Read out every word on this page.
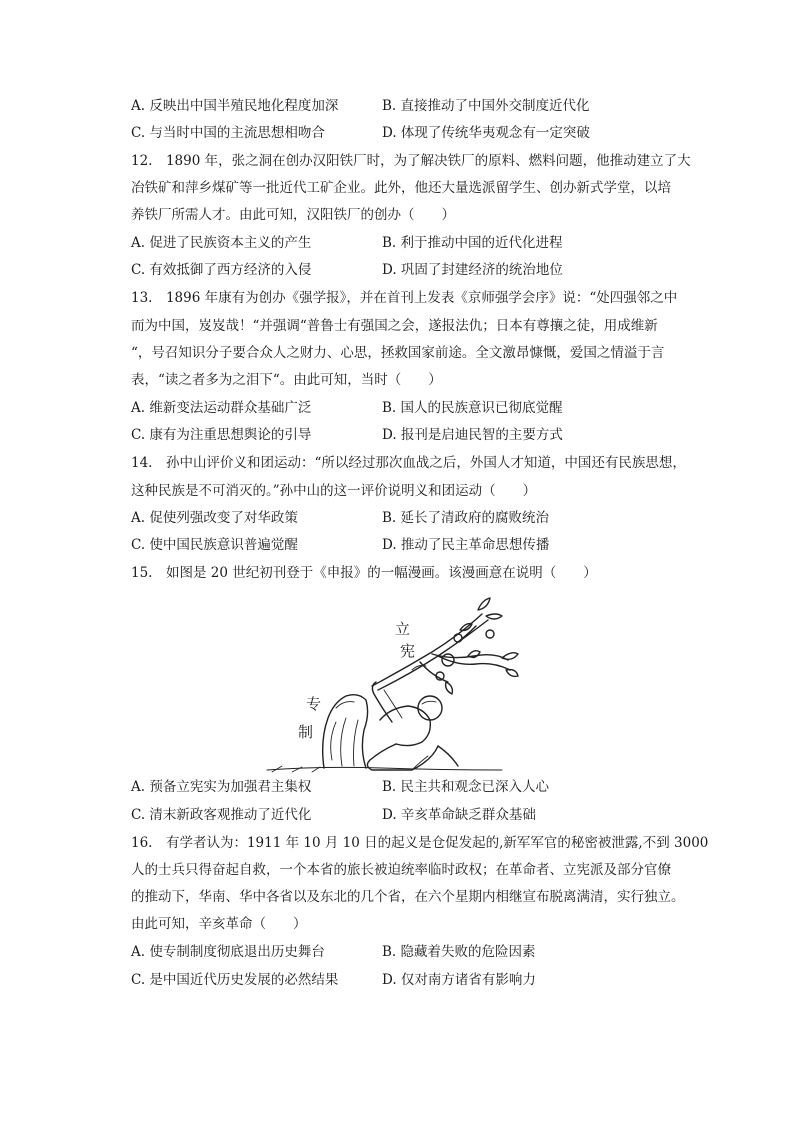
A. 反映出中国半殖民地化程度加深	B. 直接推动了中国外交制度近代化
C. 与当时中国的主流思想相吻合	D. 体现了传统华夷观念有一定突破
12.　1890 年，张之洞在创办汉阳铁厂时，为了解决铁厂的原料、燃料问题，他推动建立了大
冶铁矿和萍乡煤矿等一批近代工矿企业。此外，他还大量选派留学生、创办新式学堂，以培
养铁厂所需人才。由此可知，汉阳铁厂的创办（　　）
A. 促进了民族资本主义的产生	B. 利于推动中国的近代化进程
C. 有效抵御了西方经济的入侵	D. 巩固了封建经济的统治地位
13.　1896 年康有为创办《强学报》，并在首刊上发表《京师强学会序》说：“处四强邻之中
而为中国，岌岌哉！“并强调“普鲁士有强国之会，遂报法仇；日本有尊攘之徒，用成维新
“，号召知识分子要合众人之财力、心思，拯救国家前途。全文激昂慷慨，爱国之情溢于言
表，“读之者多为之泪下“。由此可知，当时（　　）
A. 维新变法运动群众基础广泛	B. 国人的民族意识已彻底觉醒
C. 康有为注重思想舆论的引导	D. 报刊是启迪民智的主要方式
14.　孙中山评价义和团运动：“所以经过那次血战之后，外国人才知道，中国还有民族思想，
这种民族是不可消灭的。”孙中山的这一评价说明义和团运动（　　）
A. 促使列强改变了对华政策	B. 延长了清政府的腐败统治
C. 使中国民族意识普遍觉醒	D. 推动了民主革命思想传播
15.　如图是 20 世纪初刊登于《申报》的一幅漫画。该漫画意在说明（　　）
立
宪
专
制
A. 预备立宪实为加强君主集权	B. 民主共和观念已深入人心
C. 清末新政客观推动了近代化	D. 辛亥革命缺乏群众基础
16.　有学者认为：1911 年 10 月 10 日的起义是仓促发起的,新军军官的秘密被泄露,不到 3000
人的士兵只得奋起自救，一个本省的旅长被迫统率临时政权；在革命者、立宪派及部分官僚
的推动下，华南、华中各省以及东北的几个省，在六个星期内相继宣布脱离满清，实行独立。
由此可知，辛亥革命（　　）
A. 使专制制度彻底退出历史舞台	B. 隐藏着失败的危险因素
C. 是中国近代历史发展的必然结果	D. 仅对南方诸省有影响力
